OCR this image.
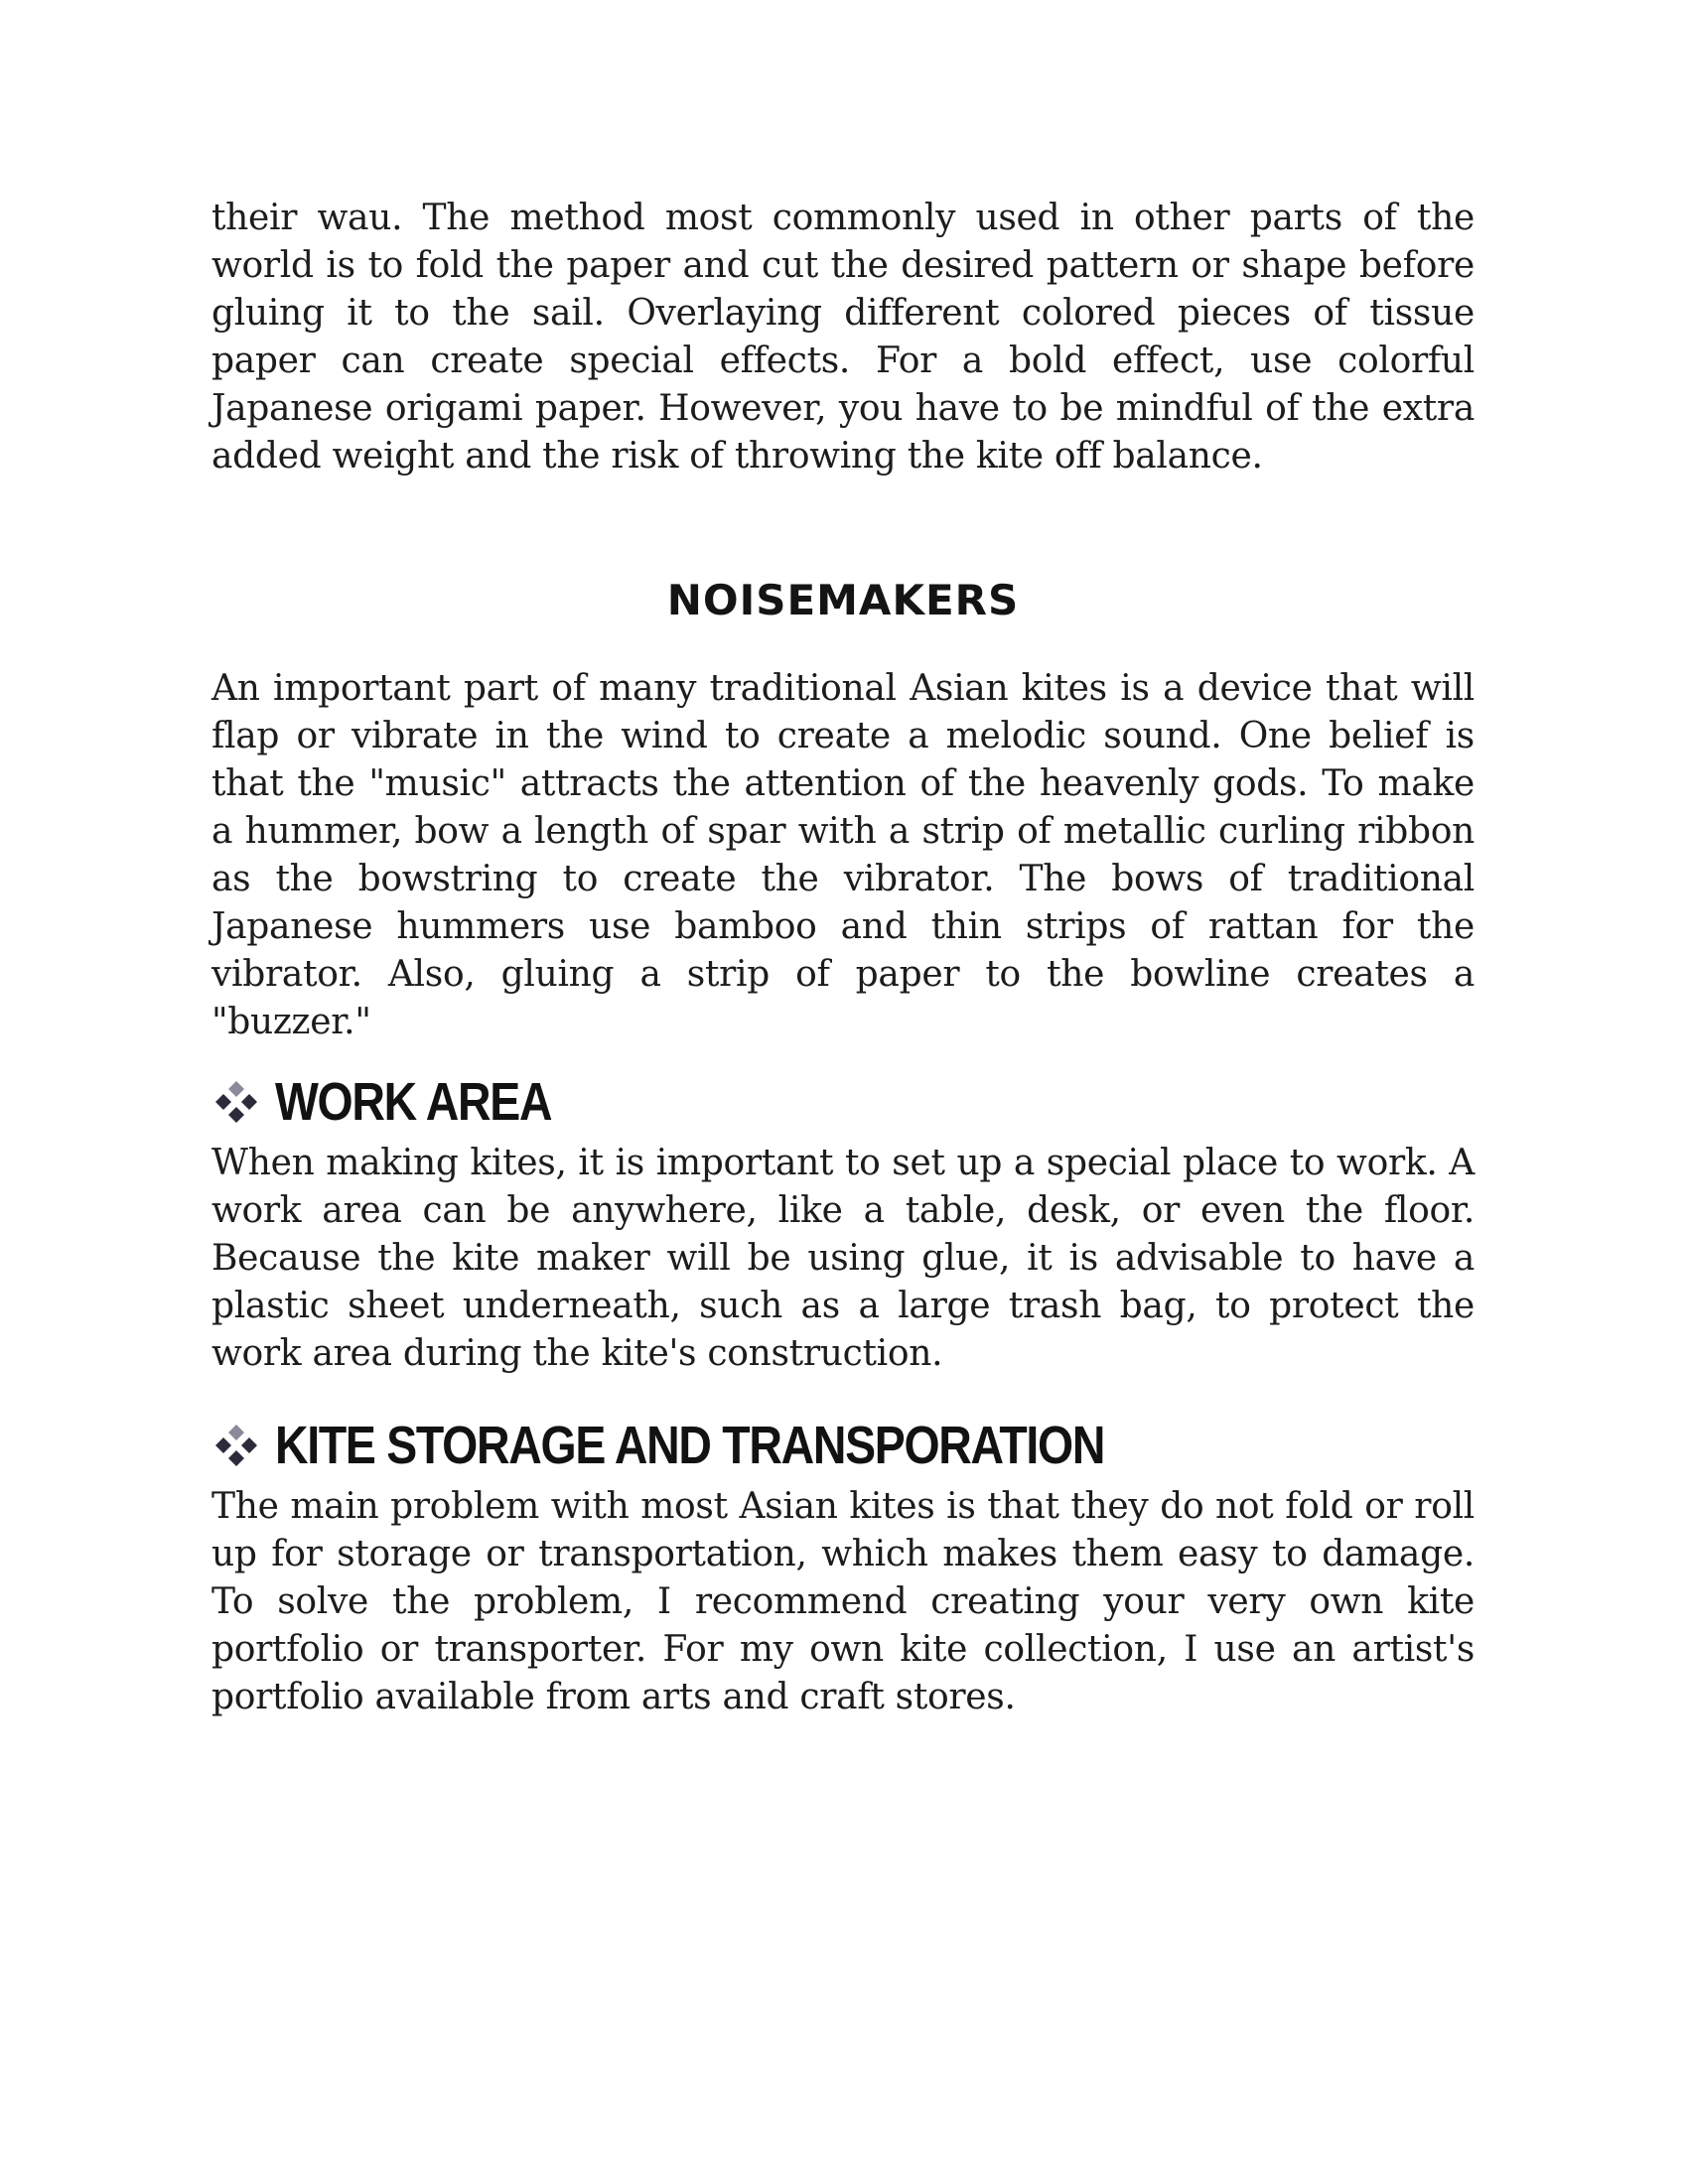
their wau. The method most commonly used in other parts of the world is to fold the paper and cut the desired pattern or shape before gluing it to the sail. Overlaying different colored pieces of tissue paper can create special effects. For a bold effect, use colorful Japanese origami paper. However, you have to be mindful of the extra added weight and the risk of throwing the kite off balance.

NOISEMAKERS

An important part of many traditional Asian kites is a device that will flap or vibrate in the wind to create a melodic sound. One belief is that the "music" attracts the attention of the heavenly gods. To make a hummer, bow a length of spar with a strip of metallic curling ribbon as the bowstring to create the vibrator. The bows of traditional Japanese hummers use bamboo and thin strips of rattan for the vibrator. Also, gluing a strip of paper to the bowline creates a "buzzer."

WORK AREA

When making kites, it is important to set up a special place to work. A work area can be anywhere, like a table, desk, or even the floor. Because the kite maker will be using glue, it is advisable to have a plastic sheet underneath, such as a large trash bag, to protect the work area during the kite's construction.

KITE STORAGE AND TRANSPORATION

The main problem with most Asian kites is that they do not fold or roll up for storage or transportation, which makes them easy to damage. To solve the problem, I recommend creating your very own kite portfolio or transporter. For my own kite collection, I use an artist's portfolio available from arts and craft stores.
